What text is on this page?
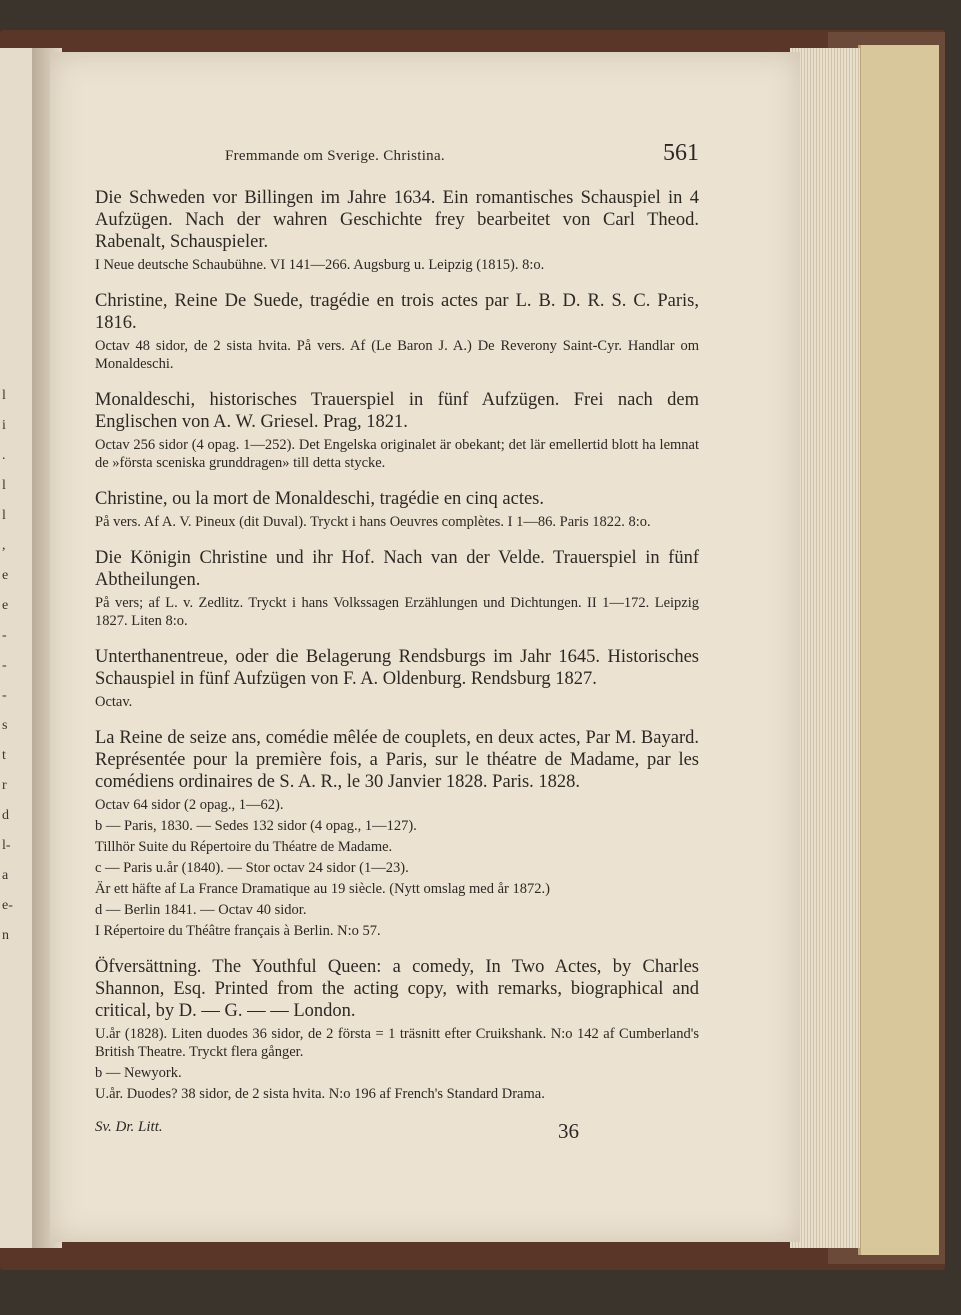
l
i
.
l
l
,
e
e
-
-
-
s
t
r
d
l-
a
e-
n
Fremmande om Sverige. Christina.	561

Die Schweden vor Billingen im Jahre 1634. Ein romantisches Schauspiel in 4 Aufzügen. Nach der wahren Geschichte frey bearbeitet von Carl Theod. Rabenalt, Schauspieler.

I Neue deutsche Schaubühne. VI 141—266. Augsburg u. Leipzig (1815). 8:o.

Christine, Reine De Suede, tragédie en trois actes par L. B. D. R. S. C. Paris, 1816.

Octav 48 sidor, de 2 sista hvita. På vers. Af (Le Baron J. A.) De Reverony Saint-Cyr. Handlar om Monaldeschi.

Monaldeschi, historisches Trauerspiel in fünf Aufzügen. Frei nach dem Englischen von A. W. Griesel. Prag, 1821.

Octav 256 sidor (4 opag. 1—252). Det Engelska originalet är obekant; det lär emellertid blott ha lemnat de »första sceniska grunddragen» till detta stycke.

Christine, ou la mort de Monaldeschi, tragédie en cinq actes.

På vers. Af A. V. Pineux (dit Duval). Tryckt i hans Oeuvres complètes. I 1—86. Paris 1822. 8:o.

Die Königin Christine und ihr Hof. Nach van der Velde. Trauerspiel in fünf Abtheilungen.

På vers; af L. v. Zedlitz. Tryckt i hans Volkssagen Erzählungen und Dichtungen. II 1—172. Leipzig 1827. Liten 8:o.

Unterthanentreue, oder die Belagerung Rendsburgs im Jahr 1645. Historisches Schauspiel in fünf Aufzügen von F. A. Oldenburg. Rendsburg 1827.

Octav.

La Reine de seize ans, comédie mêlée de couplets, en deux actes, Par M. Bayard. Représentée pour la première fois, a Paris, sur le théatre de Madame, par les comédiens ordinaires de S. A. R., le 30 Janvier 1828. Paris. 1828.

Octav 64 sidor (2 opag., 1—62).

b — Paris, 1830. — Sedes 132 sidor (4 opag., 1—127).

Tillhör Suite du Répertoire du Théatre de Madame.

c — Paris u.år (1840). — Stor octav 24 sidor (1—23).

Är ett häfte af La France Dramatique au 19 siècle. (Nytt omslag med år 1872.)

d — Berlin 1841. — Octav 40 sidor.

I Répertoire du Théâtre français à Berlin. N:o 57.

Öfversättning. The Youthful Queen: a comedy, In Two Actes, by Charles Shannon, Esq. Printed from the acting copy, with remarks, biographical and critical, by D. — G. — — London.

U.år (1828). Liten duodes 36 sidor, de 2 första = 1 träsnitt efter Cruikshank. N:o 142 af Cumberland's British Theatre. Tryckt flera gånger.

b — Newyork.

U.år. Duodes? 38 sidor, de 2 sista hvita. N:o 196 af French's Standard Drama.

Sv. Dr. Litt.	36
